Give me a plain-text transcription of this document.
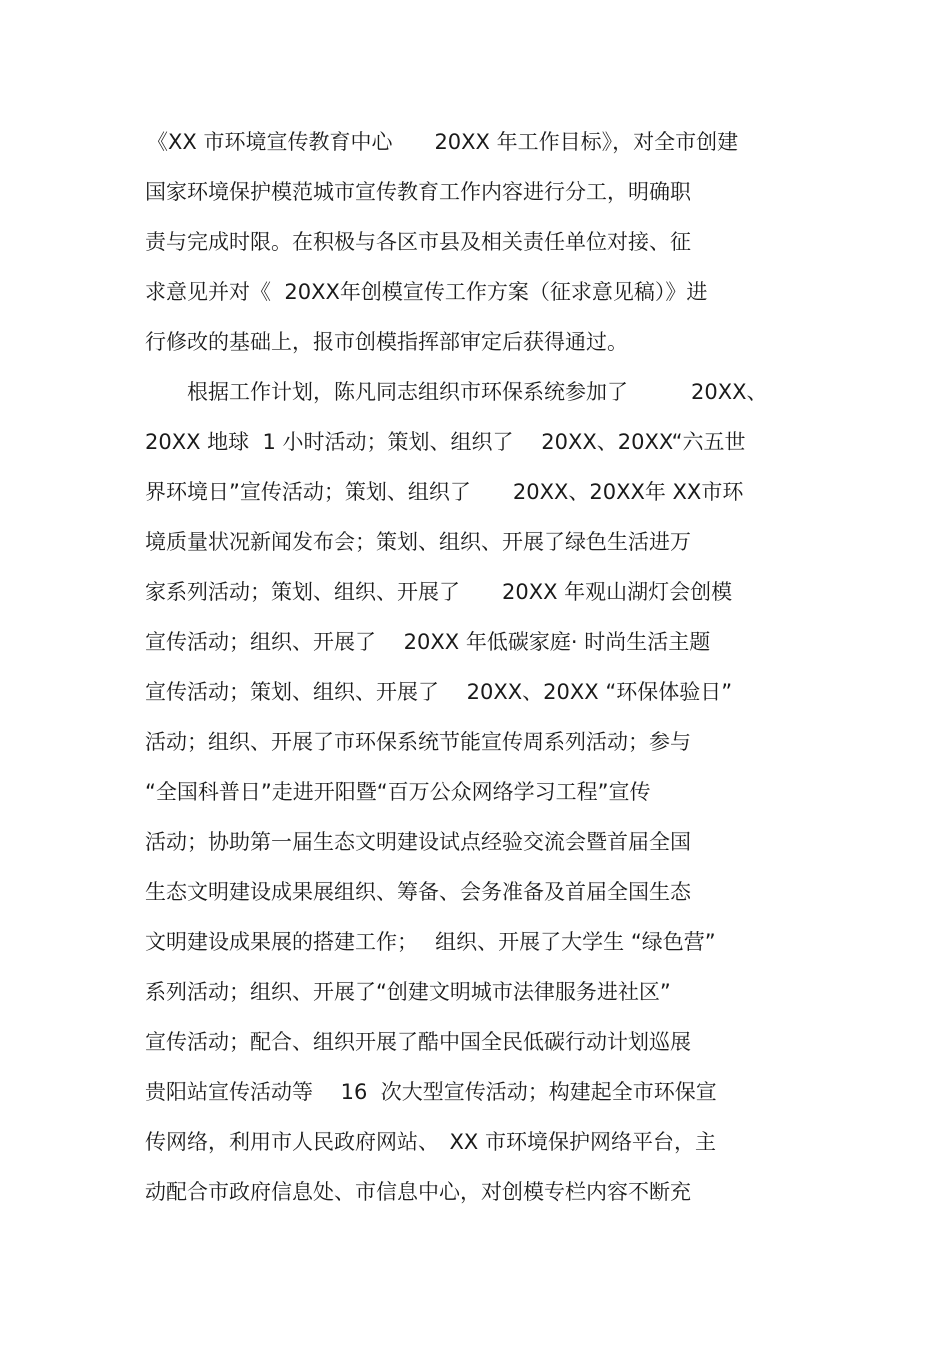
《XX 市环境宣传教育中心　　20XX 年工作目标》，对全市创建

国家环境保护模范城市宣传教育工作内容进行分工，明确职

责与完成时限。在积极与各区市县及相关责任单位对接、征

求意见并对《  20XX年创模宣传工作方案（征求意见稿）》进

行修改的基础上，报市创模指挥部审定后获得通过。

　　根据工作计划，陈凡同志组织市环保系统参加了　　　20XX、

20XX 地球  1 小时活动；策划、组织了　 20XX、20XX“六五世

界环境日”宣传活动；策划、组织了　　20XX、20XX年 XX市环

境质量状况新闻发布会；策划、组织、开展了绿色生活进万

家系列活动；策划、组织、开展了　　20XX 年观山湖灯会创模

宣传活动；组织、开展了　 20XX 年低碳家庭· 时尚生活主题

宣传活动；策划、组织、开展了　 20XX、20XX “环保体验日”

活动；组织、开展了市环保系统节能宣传周系列活动；参与

“全国科普日”走进开阳暨“百万公众网络学习工程”宣传

活动；协助第一届生态文明建设试点经验交流会暨首届全国

生态文明建设成果展组织、筹备、会务准备及首届全国生态

文明建设成果展的搭建工作；　 组织、开展了大学生 “绿色营”

系列活动；组织、开展了“创建文明城市法律服务进社区”

宣传活动；配合、组织开展了酷中国全民低碳行动计划巡展

贵阳站宣传活动等　 16  次大型宣传活动；构建起全市环保宣

传网络，利用市人民政府网站、　XX 市环境保护网络平台，主

动配合市政府信息处、市信息中心，对创模专栏内容不断充
